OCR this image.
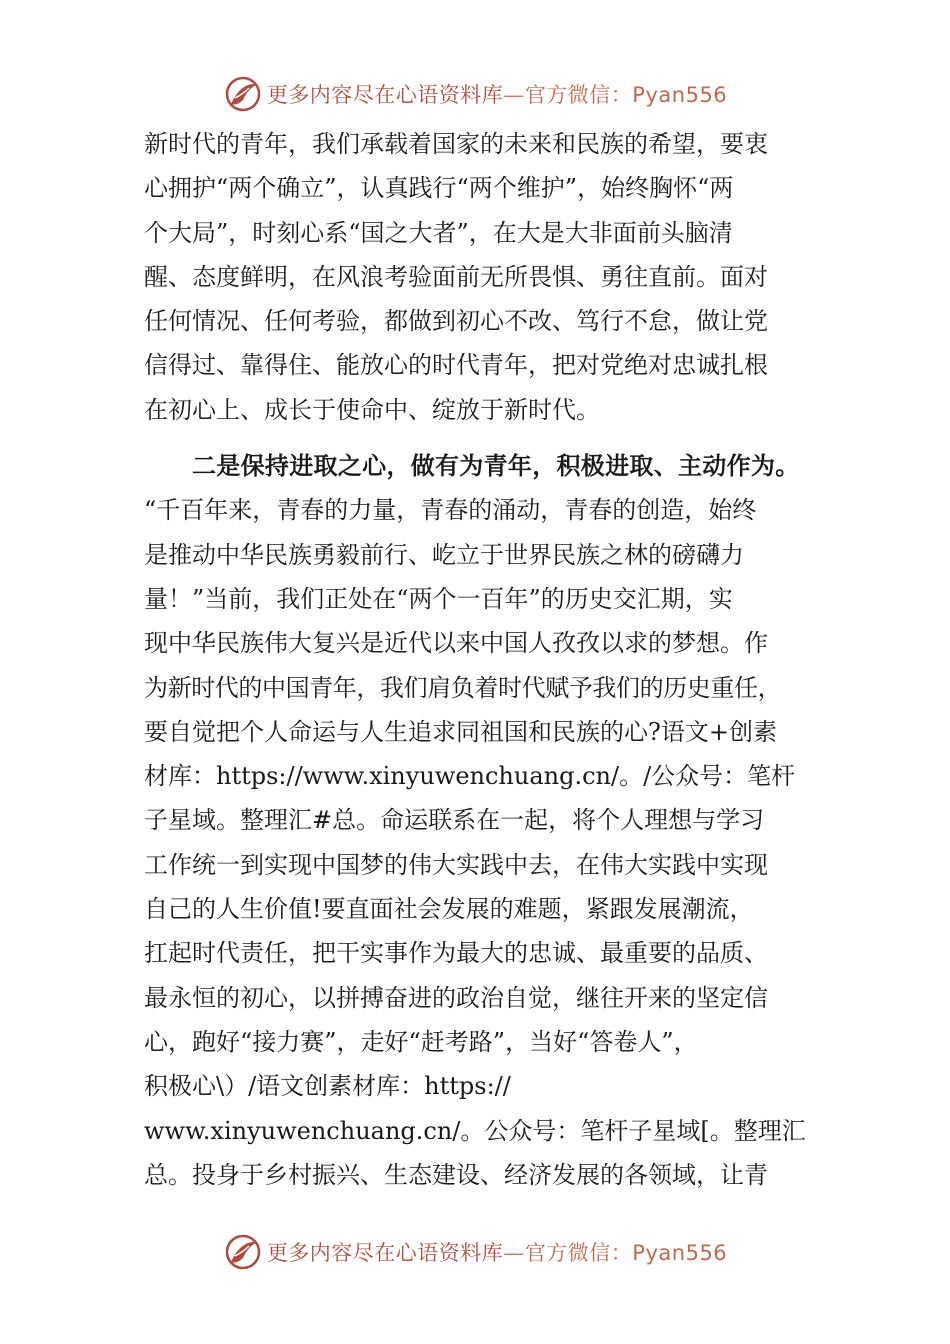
更多内容尽在心语资料库—官方微信：Pyan556
新时代的青年，我们承载着国家的未来和民族的希望，要衷
心拥护“两个确立”，认真践行“两个维护”，始终胸怀“两
个大局”，时刻心系“国之大者”，在大是大非面前头脑清
醒、态度鲜明，在风浪考验面前无所畏惧、勇往直前。面对
任何情况、任何考验，都做到初心不改、笃行不怠，做让党
信得过、靠得住、能放心的时代青年，把对党绝对忠诚扎根
在初心上、成长于使命中、绽放于新时代。
二是保持进取之心，做有为青年，积极进取、主动作为。
“千百年来，青春的力量，青春的涌动，青春的创造，始终
是推动中华民族勇毅前行、屹立于世界民族之林的磅礴力
量！”当前，我们正处在“两个一百年”的历史交汇期，实
现中华民族伟大复兴是近代以来中国人孜孜以求的梦想。作
为新时代的中国青年，我们肩负着时代赋予我们的历史重任，
要自觉把个人命运与人生追求同祖国和民族的心?语文+创素
材库：https://www.xinyuwenchuang.cn/。/公众号：笔杆
子星域。整理汇#总。命运联系在一起，将个人理想与学习
工作统一到实现中国梦的伟大实践中去，在伟大实践中实现
自己的人生价值!要直面社会发展的难题，紧跟发展潮流，
扛起时代责任，把干实事作为最大的忠诚、最重要的品质、
最永恒的初心，以拼搏奋进的政治自觉，继往开来的坚定信
心，跑好“接力赛”，走好“赶考路”，当好“答卷人”，
积极心\）/语文创素材库：https://
www.xinyuwenchuang.cn/。公众号：笔杆子星域[。整理汇
总。投身于乡村振兴、生态建设、经济发展的各领域，让青
更多内容尽在心语资料库—官方微信：Pyan556
